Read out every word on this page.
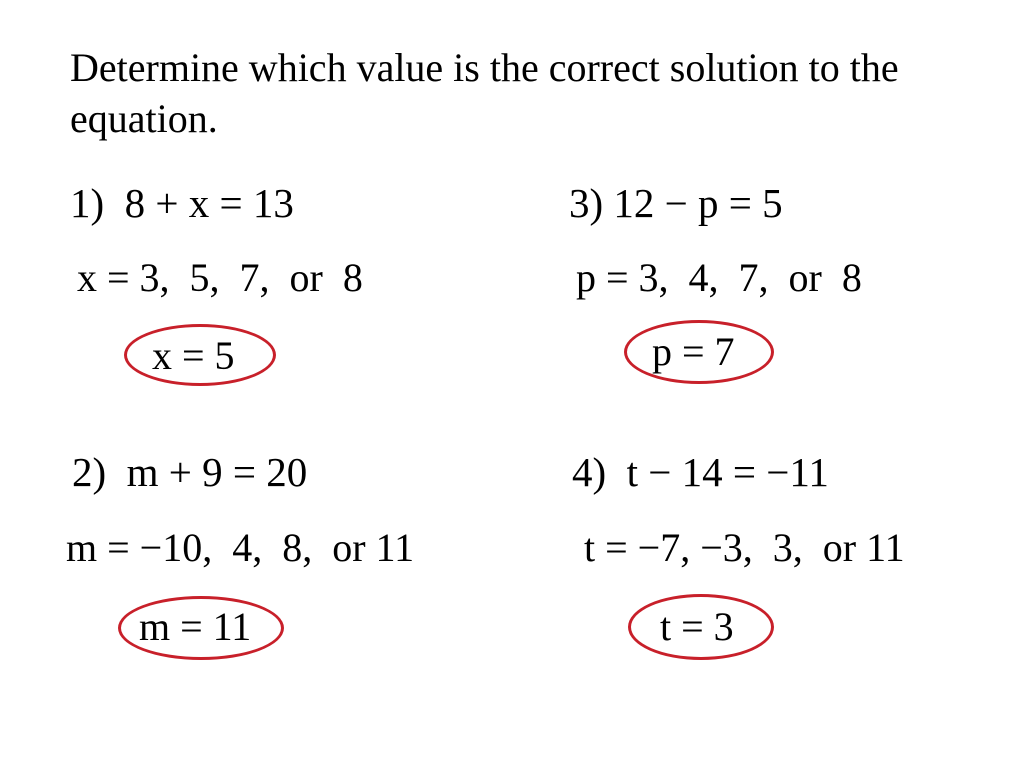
Determine which value is the correct solution to the equation.
1)  8 + x = 13
x = 3,  5,  7,  or  8
x = 5
2)  m + 9 = 20
m = −10,  4,  8,  or 11
m = 11
3) 12 − p = 5
p = 3,  4,  7,  or  8
p = 7
4)  t − 14 = −11
t = −7, −3,  3,  or 11
t = 3
